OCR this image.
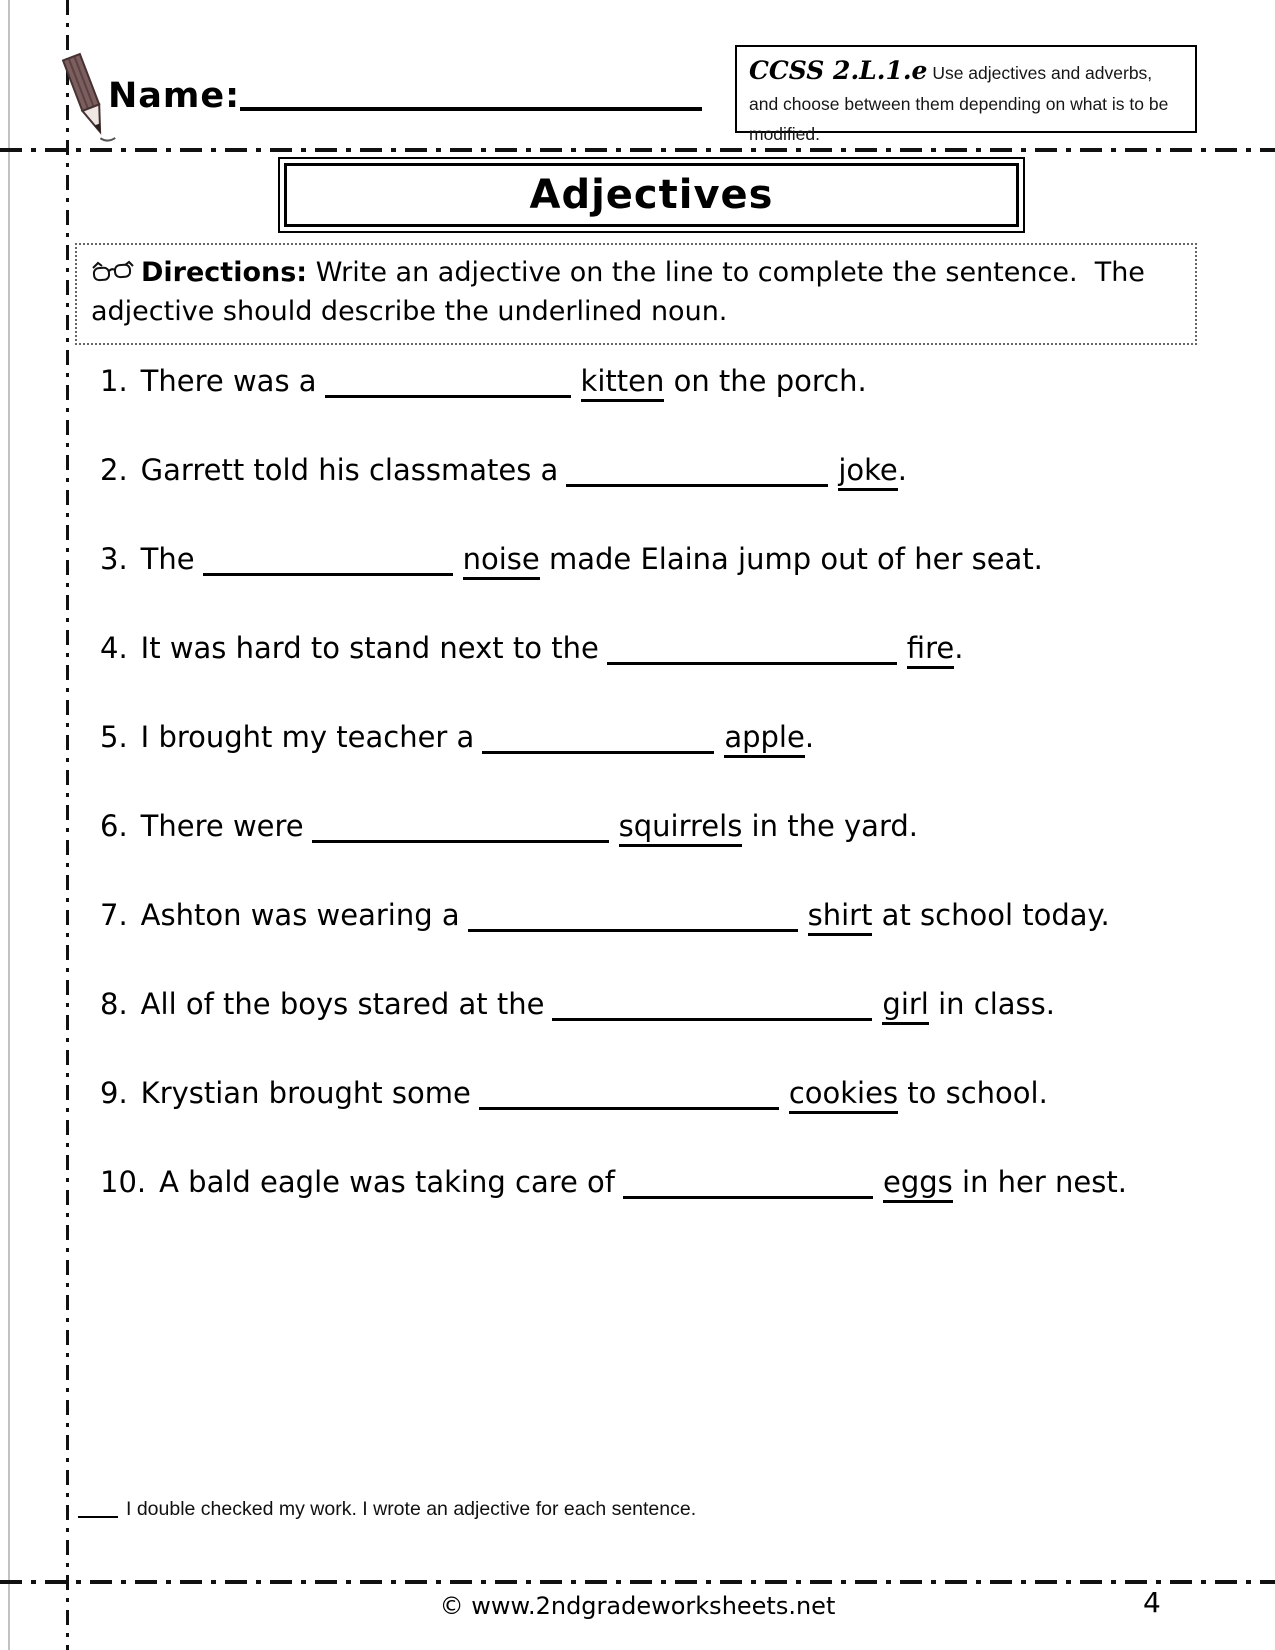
Name:
CCSS 2.L.1.e Use adjectives and adverbs, and choose between them depending on what is to be modified.
Adjectives
Directions: Write an adjective on the line to complete the sentence.  The adjective should describe the underlined noun.
1. There was a	kitten on the porch.
2. Garrett told his classmates a	joke.
3. The	noise made Elaina jump out of her seat.
4. It was hard to stand next to the	fire.
5. I brought my teacher a	apple.
6. There were	squirrels in the yard.
7. Ashton was wearing a	shirt at school today.
8. All of the boys stared at the	girl in class.
9. Krystian brought some	cookies to school.
10. A bald eagle was taking care of	eggs in her nest.
I double checked my work. I wrote an adjective for each sentence.
© www.2ndgradeworksheets.net	4
